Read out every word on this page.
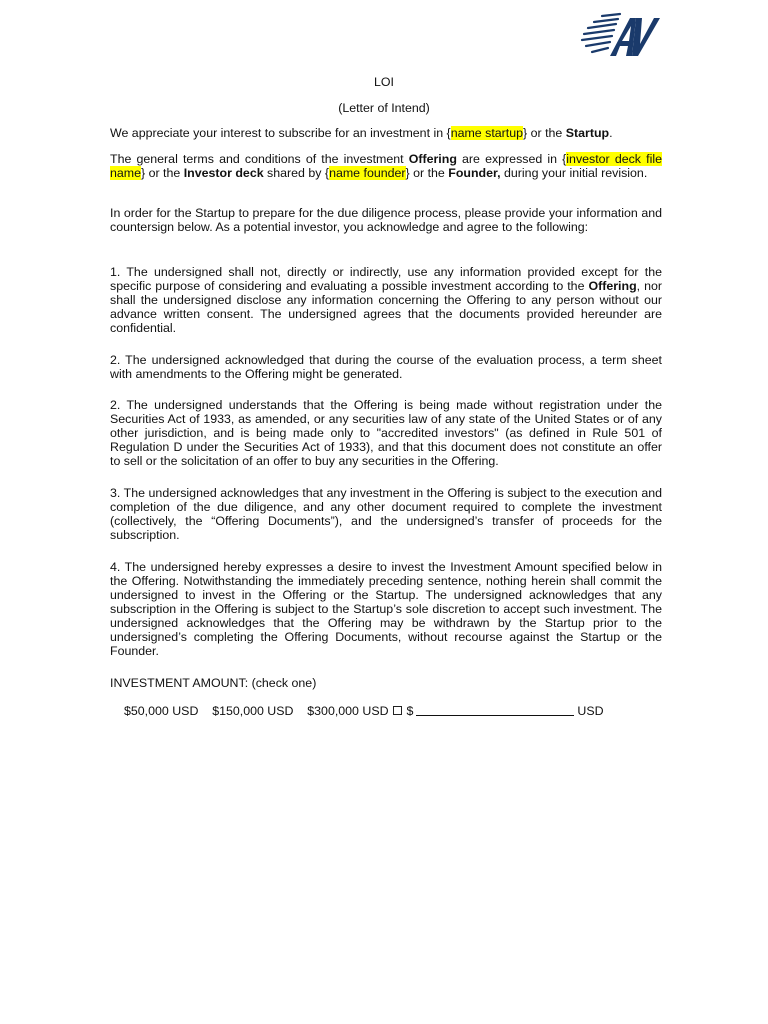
LOI
(Letter of Intend)

We appreciate your interest to subscribe for an investment in {name startup} or the Startup.

The general terms and conditions of the investment Offering are expressed in {investor deck file name} or the Investor deck shared by {name founder} or the Founder, during your initial revision.

In order for the Startup to prepare for the due diligence process, please provide your information and countersign below. As a potential investor, you acknowledge and agree to the following:

1. The undersigned shall not, directly or indirectly, use any information provided except for the specific purpose of considering and evaluating a possible investment according to the Offering, nor shall the undersigned disclose any information concerning the Offering to any person without our advance written consent. The undersigned agrees that the documents provided hereunder are confidential.

2. The undersigned acknowledged that during the course of the evaluation process, a term sheet with amendments to the Offering might be generated.

2. The undersigned understands that the Offering is being made without registration under the Securities Act of 1933, as amended, or any securities law of any state of the United States or of any other jurisdiction, and is being made only to "accredited investors" (as defined in Rule 501 of Regulation D under the Securities Act of 1933), and that this document does not constitute an offer to sell or the solicitation of an offer to buy any securities in the Offering.

3. The undersigned acknowledges that any investment in the Offering is subject to the execution and completion of the due diligence, and any other document required to complete the investment (collectively, the “Offering Documents”), and the undersigned’s transfer of proceeds for the subscription.

4. The undersigned hereby expresses a desire to invest the Investment Amount specified below in the Offering. Notwithstanding the immediately preceding sentence, nothing herein shall commit the undersigned to invest in the Offering or the Startup. The undersigned acknowledges that any subscription in the Offering is subject to the Startup’s sole discretion to accept such investment. The undersigned acknowledges that the Offering may be withdrawn by the Startup prior to the undersigned’s completing the Offering Documents, without recourse against the Startup or the Founder.

INVESTMENT AMOUNT: (check one)
$50,000 USD $150,000 USD $300,000 USD $	USD
